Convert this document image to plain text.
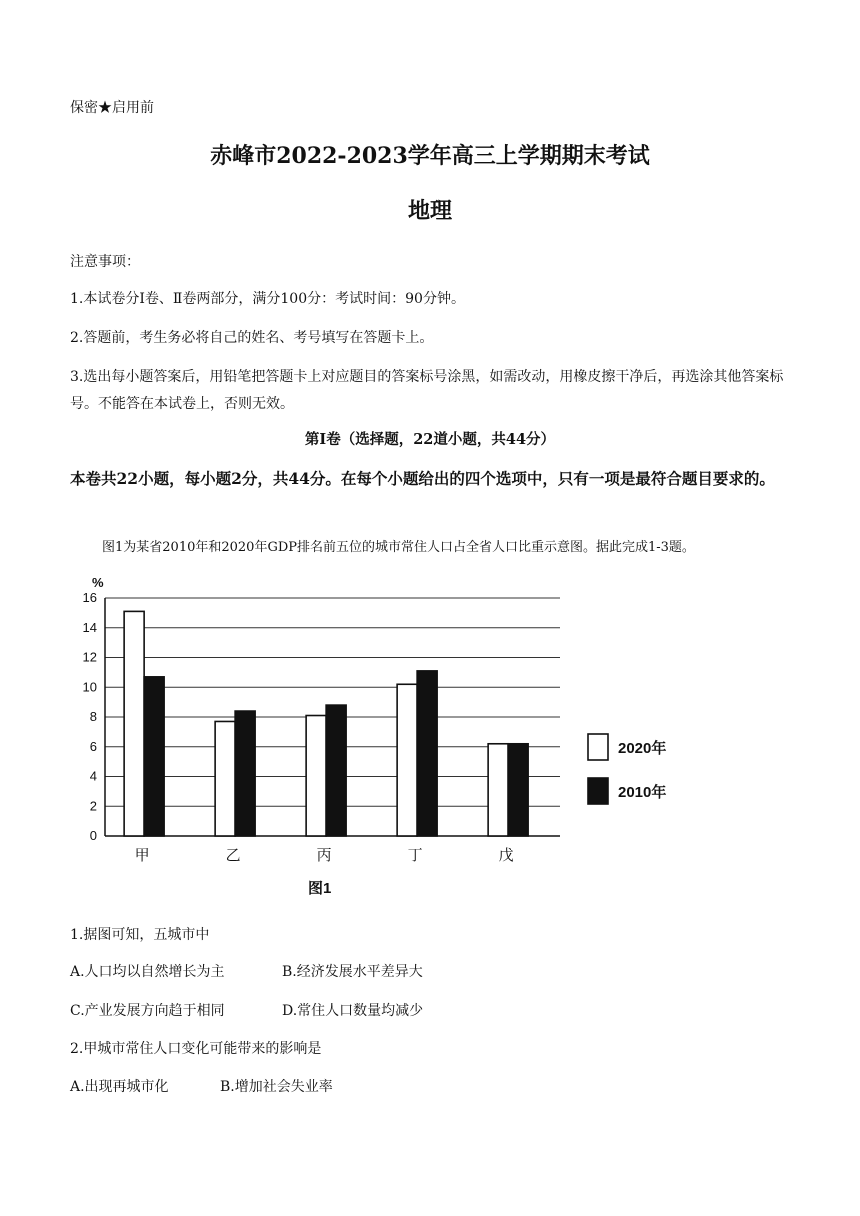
保密★启用前
赤峰市2022-2023学年高三上学期期末考试
地理
注意事项：
1.本试卷分Ⅰ卷、Ⅱ卷两部分，满分100分：考试时间：90分钟。
2.答题前，考生务必将自己的姓名、考号填写在答题卡上。
3.选出每小题答案后，用铅笔把答题卡上对应题目的答案标号涂黑，如需改动，用橡皮擦干净后，再选涂其他答案标号。不能答在本试卷上，否则无效。
第Ⅰ卷（选择题，22道小题，共44分）
本卷共22小题，每小题2分，共44分。在每个小题给出的四个选项中，只有一项是最符合题目要求的。
图1为某省2010年和2020年GDP排名前五位的城市常住人口占全省人口比重示意图。据此完成1-3题。
0
2
4
6
8
10
12
14
16
甲	乙	丙	丁	戊
2020年
2010年
%
图1
1.据图可知，五城市中
A.人口均以自然增长为主	B.经济发展水平差异大
C.产业发展方向趋于相同	D.常住人口数量均减少
2.甲城市常住人口变化可能带来的影响是
A.出现再城市化	B.增加社会失业率
